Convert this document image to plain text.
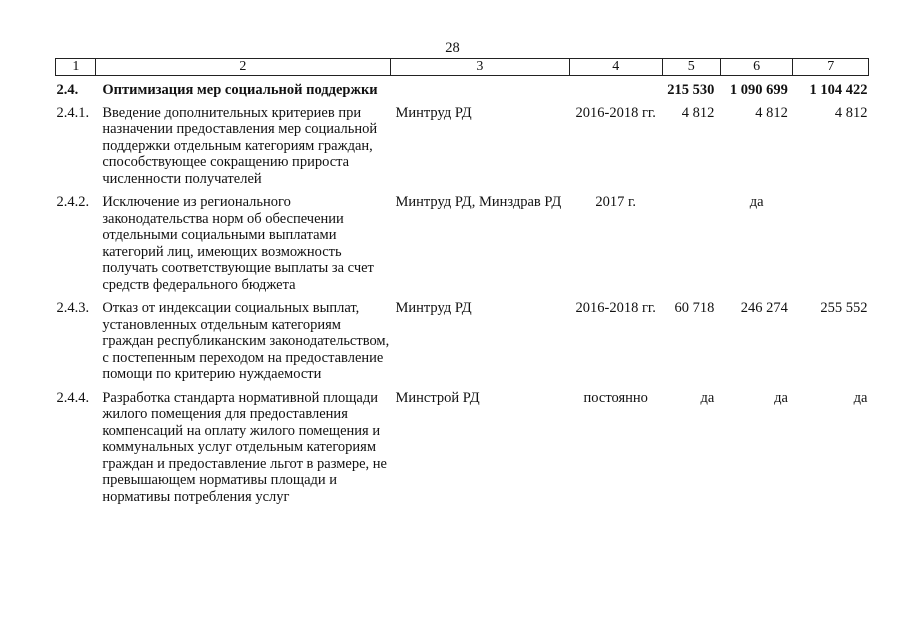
28
1	2	3	4	5	6	7
2.4.	Оптимизация мер социальной поддержки			215 530	1 090 699	1 104 422
2.4.1.	Введение дополнительных критериев при назначении предоставления мер социальной поддержки отдельным категориям граждан, способствующее сокращению прироста численности получателей	Минтруд РД	2016-2018 гг.	4 812	4 812	4 812
2.4.2.	Исключение из регионального законодательства норм об обеспечении отдельными социальными выплатами категорий лиц, имеющих возможность получать соответствующие выплаты за счет средств федерального бюджета	Минтруд РД, Минздрав РД	2017 г.		да	
2.4.3.	Отказ от индексации социальных выплат, установленных отдельным категориям граждан республиканским законодательством, с постепенным переходом на предоставление помощи по критерию нуждаемости	Минтруд РД	2016-2018 гг.	60 718	246 274	255 552
2.4.4.	Разработка стандарта нормативной площади жилого помещения для предоставления компенсаций на оплату жилого помещения и коммунальных услуг отдельным категориям граждан и предоставление льгот в размере, не превышающем нормативы площади и нормативы потребления услуг	Минстрой РД	постоянно	да	да	да
